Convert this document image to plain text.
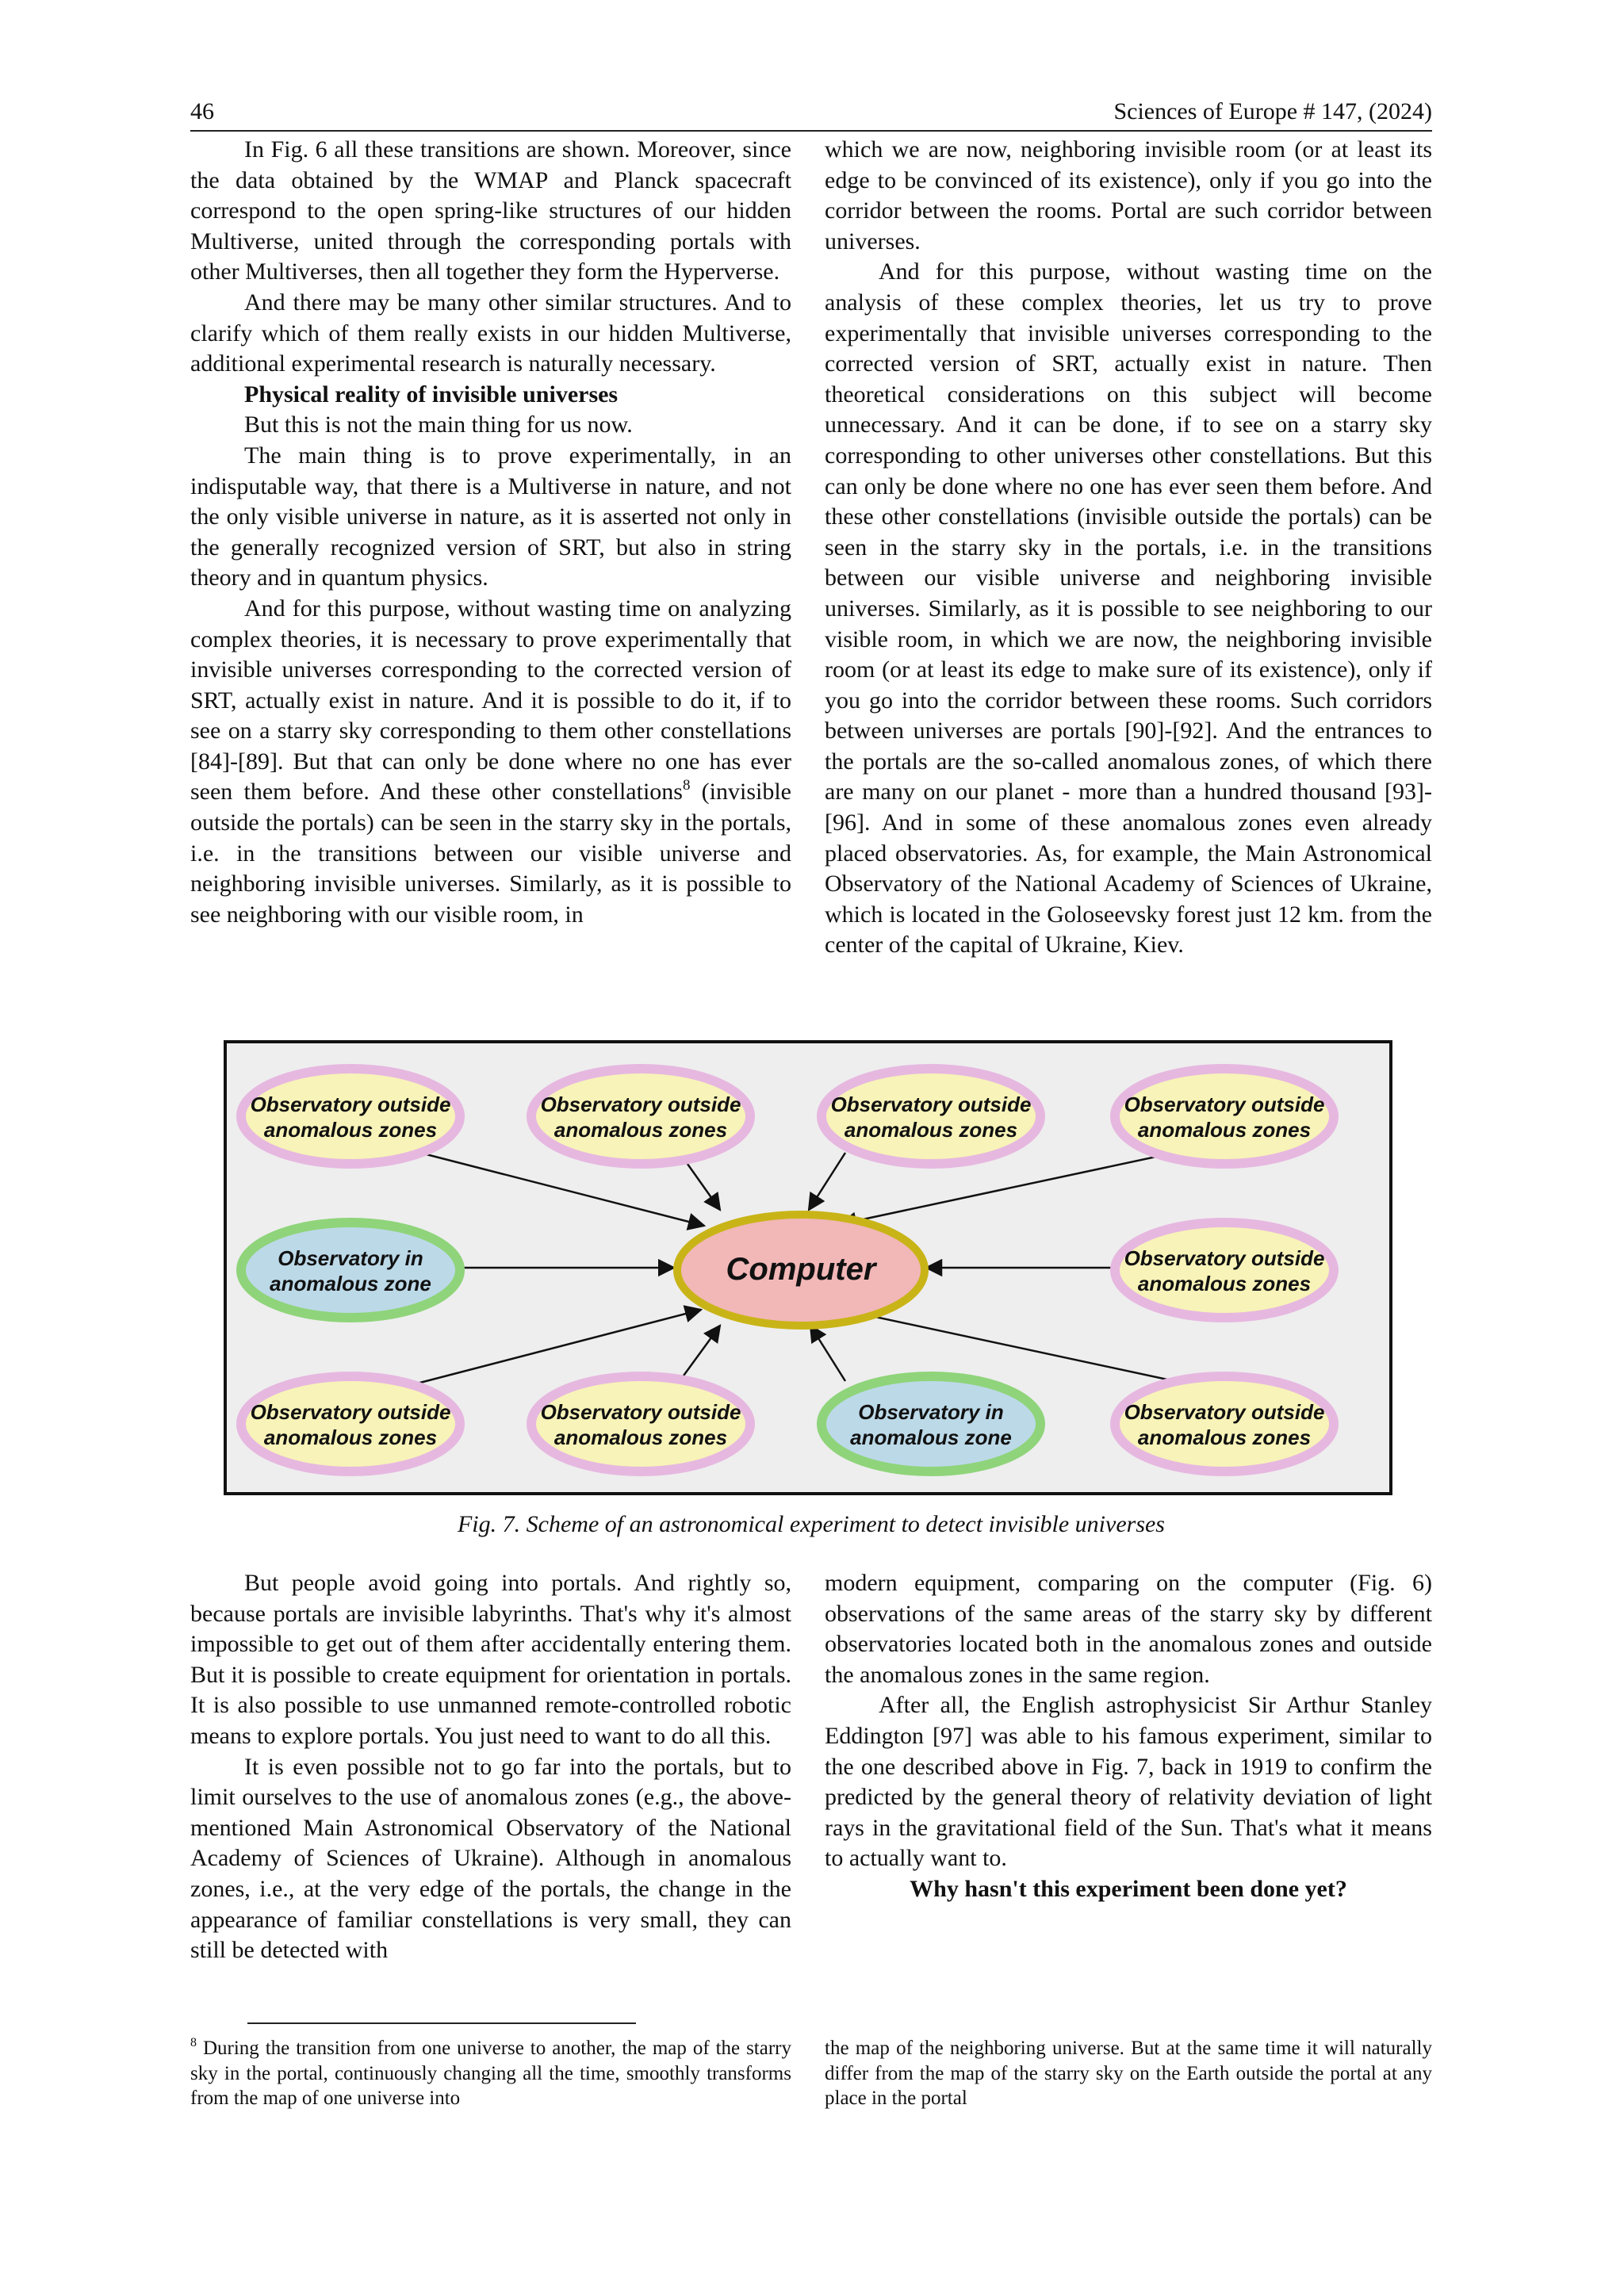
46	Sciences of Europe # 147, (2024)

In Fig. 6 all these transitions are shown. Moreover, since the data obtained by the WMAP and Planck spacecraft correspond to the open spring-like structures of our hidden Multiverse, united through the corresponding portals with other Multiverses, then all together they form the Hyperverse.

And there may be many other similar structures. And to clarify which of them really exists in our hidden Multiverse, additional experimental research is naturally necessary.

Physical reality of invisible universes

But this is not the main thing for us now.

The main thing is to prove experimentally, in an indisputable way, that there is a Multiverse in nature, and not the only visible universe in nature, as it is asserted not only in the generally recognized version of SRT, but also in string theory and in quantum physics.

And for this purpose, without wasting time on analyzing complex theories, it is necessary to prove experimentally that invisible universes corresponding to the corrected version of SRT, actually exist in nature. And it is possible to do it, if to see on a starry sky corresponding to them other constellations [84]-[89]. But that can only be done where no one has ever seen them before. And these other constellations$^8$ (invisible outside the portals) can be seen in the starry sky in the portals, i.e. in the transitions between our visible universe and neighboring invisible universes. Similarly, as it is possible to see neighboring with our visible room, in

which we are now, neighboring invisible room (or at least its edge to be convinced of its existence), only if you go into the corridor between the rooms. Portal are such corridor between universes.

And for this purpose, without wasting time on the analysis of these complex theories, let us try to prove experimentally that invisible universes corresponding to the corrected version of SRT, actually exist in nature. Then theoretical considerations on this subject will become unnecessary. And it can be done, if to see on a starry sky corresponding to other universes other constellations. But this can only be done where no one has ever seen them before. And these other constellations (invisible outside the portals) can be seen in the starry sky in the portals, i.e. in the transitions between our visible universe and neighboring invisible universes. Similarly, as it is possible to see neighboring to our visible room, in which we are now, the neighboring invisible room (or at least its edge to make sure of its existence), only if you go into the corridor between these rooms. Such corridors between universes are portals [90]-[92]. And the entrances to the portals are the so-called anomalous zones, of which there are many on our planet - more than a hundred thousand [93]-[96]. And in some of these anomalous zones even already placed observatories. As, for example, the Main Astronomical Observatory of the National Academy of Sciences of Ukraine, which is located in the Goloseevsky forest just 12 km. from the center of the capital of Ukraine, Kiev.

Observatory outside
anomalous zones
Observatory outside
anomalous zones
Observatory outside
anomalous zones
Observatory outside
anomalous zones
Observatory in
anomalous zone	Computer	Observatory outside
anomalous zones
Observatory outside
anomalous zones
Observatory outside
anomalous zones
Observatory in
anomalous zone
Observatory outside
anomalous zones
Fig. 7. Scheme of an astronomical experiment to detect invisible universes

But people avoid going into portals. And rightly so, because portals are invisible labyrinths. That's why it's almost impossible to get out of them after accidentally entering them. But it is possible to create equipment for orientation in portals. It is also possible to use unmanned remote-controlled robotic means to explore portals. You just need to want to do all this.

It is even possible not to go far into the portals, but to limit ourselves to the use of anomalous zones (e.g., the above-mentioned Main Astronomical Observatory of the National Academy of Sciences of Ukraine). Although in anomalous zones, i.e., at the very edge of the portals, the change in the appearance of familiar constellations is very small, they can still be detected with

modern equipment, comparing on the computer (Fig. 6) observations of the same areas of the starry sky by different observatories located both in the anomalous zones and outside the anomalous zones in the same region.

After all, the English astrophysicist Sir Arthur Stanley Eddington [97] was able to his famous experiment, similar to the one described above in Fig. 7, back in 1919 to confirm the predicted by the general theory of relativity deviation of light rays in the gravitational field of the Sun. That's what it means to actually want to.

Why hasn't this experiment been done yet?

$^8$ During the transition from one universe to another, the map of the starry sky in the portal, continuously changing all the time, smoothly transforms from the map of one universe into

the map of the neighboring universe. But at the same time it will naturally differ from the map of the starry sky on the Earth outside the portal at any place in the portal
